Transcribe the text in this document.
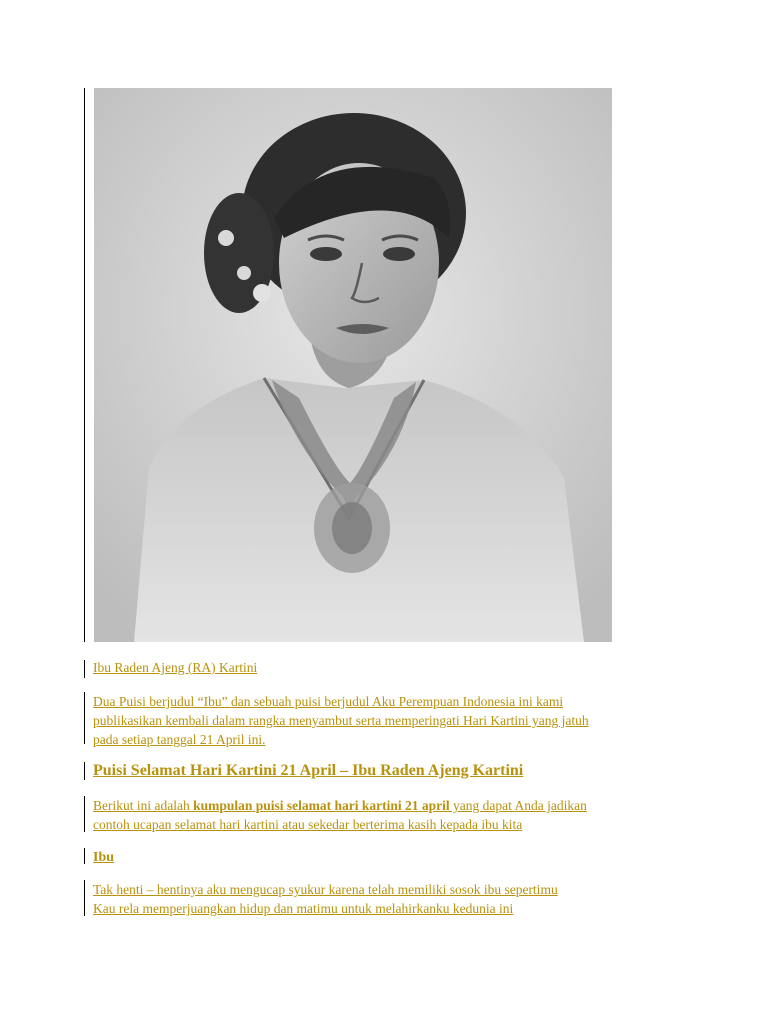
Ibu Raden Ajeng (RA) Kartini

Dua Puisi berjudul “Ibu” dan sebuah puisi berjudul Aku Perempuan Indonesia ini kami
publikasikan kembali dalam rangka menyambut serta memperingati Hari Kartini yang jatuh
pada setiap tanggal 21 April ini.

Puisi Selamat Hari Kartini 21 April – Ibu Raden Ajeng Kartini

Berikut ini adalah kumpulan puisi selamat hari kartini 21 april yang dapat Anda jadikan
contoh ucapan selamat hari kartini atau sekedar berterima kasih kepada ibu kita

Ibu

Tak henti – hentinya aku mengucap syukur karena telah memiliki sosok ibu sepertimu
Kau rela memperjuangkan hidup dan matimu untuk melahirkanku kedunia ini
